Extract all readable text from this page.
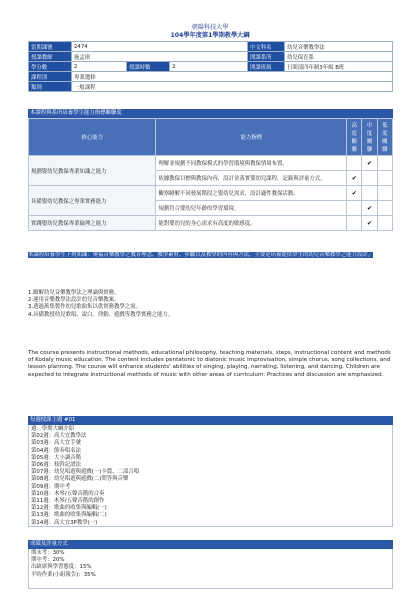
朝陽科技大學
104學年度第1學期教學大綱
當期課號	2474			中文科名	幼兒音樂教學法
授課教師	施孟琪			開課系所	幼兒保育系
學分數	2	授課時數	2	開課班級	日間部四年制3年級 B班
課程別	專業選修				
類別	一般課程				
本課程與系所培養學生能力指標關聯度
核心能力	能力指標	高度關聯	中度關聯	低度關聯
規劃嬰幼兒教保專業知識之能力	理解並規劃不同教保模式的學習環境與教保情境布置。		✔	
	依據教保目標與教保內容，設計並落實嬰幼兒課程，記錄與評量方式。	✔		
具備嬰幼兒教保之專業實務能力	觀察瞭解不同發展階段之嬰幼兒需求，設計適性教保活動。	✔		
	規劃符合嬰幼兒年齡的學習環境。		✔	
實踐嬰幼兒教保專業倫理之能力	能對嬰幼兒的身心需求有高度的敏感度。		✔	
本課程培養學生下列知識：奧福音樂教學之教育理念、教學素材、步驟以及教學的內容與方法，主要是培養提供學生的幼兒音樂教學之能力設計。
1.瞭解幼兒音樂教學法之理論與實務。
2.運用音樂教學法設計幼兒音樂教案。
3.透過萬集製作幼兒歌曲集以供實務教學之需。
4.具備教授幼兒歌唱、說白、律動、遊戲等教學實務之能力。
The course presents instructional methods, educational philosophy, teaching materials, steps, instructional content and methods of Kodaly music education. The content includes pentatonic to diatonic music improvisation, simple chorus, song collections, and lesson planning. The course will enhance students' abilities of singing, playing, narrating, listening, and dancing. Children are expected to integrate instructional methods of music with other areas of curriculum. Practices and discussion are emphasized.
每週授課主題 #01
週：學期大綱介紹
第02週：高大宜教學法
第03週：高大宜手號
第04週：節奏唱名法
第05週：大小調音階
第06週：枝幹記譜法
第07週：幼兒唱遊與遊戲(一)卡農、二部合唱
第08週：幼兒唱遊與遊戲(二)問答與音樂
第09週：期中考
第10週：木琴/五聲音階的合奏
第11週：木琴/五聲音階的創作
第12週：歌曲的收集與編輯(一)
第13週：歌曲的收集與編輯(二)
第14週：高大宜3P教學(一)
成績及評量方式
期末考：30%
期中考：20%
出缺席與學習態度：15%
平時作業(小組報告)：35%
